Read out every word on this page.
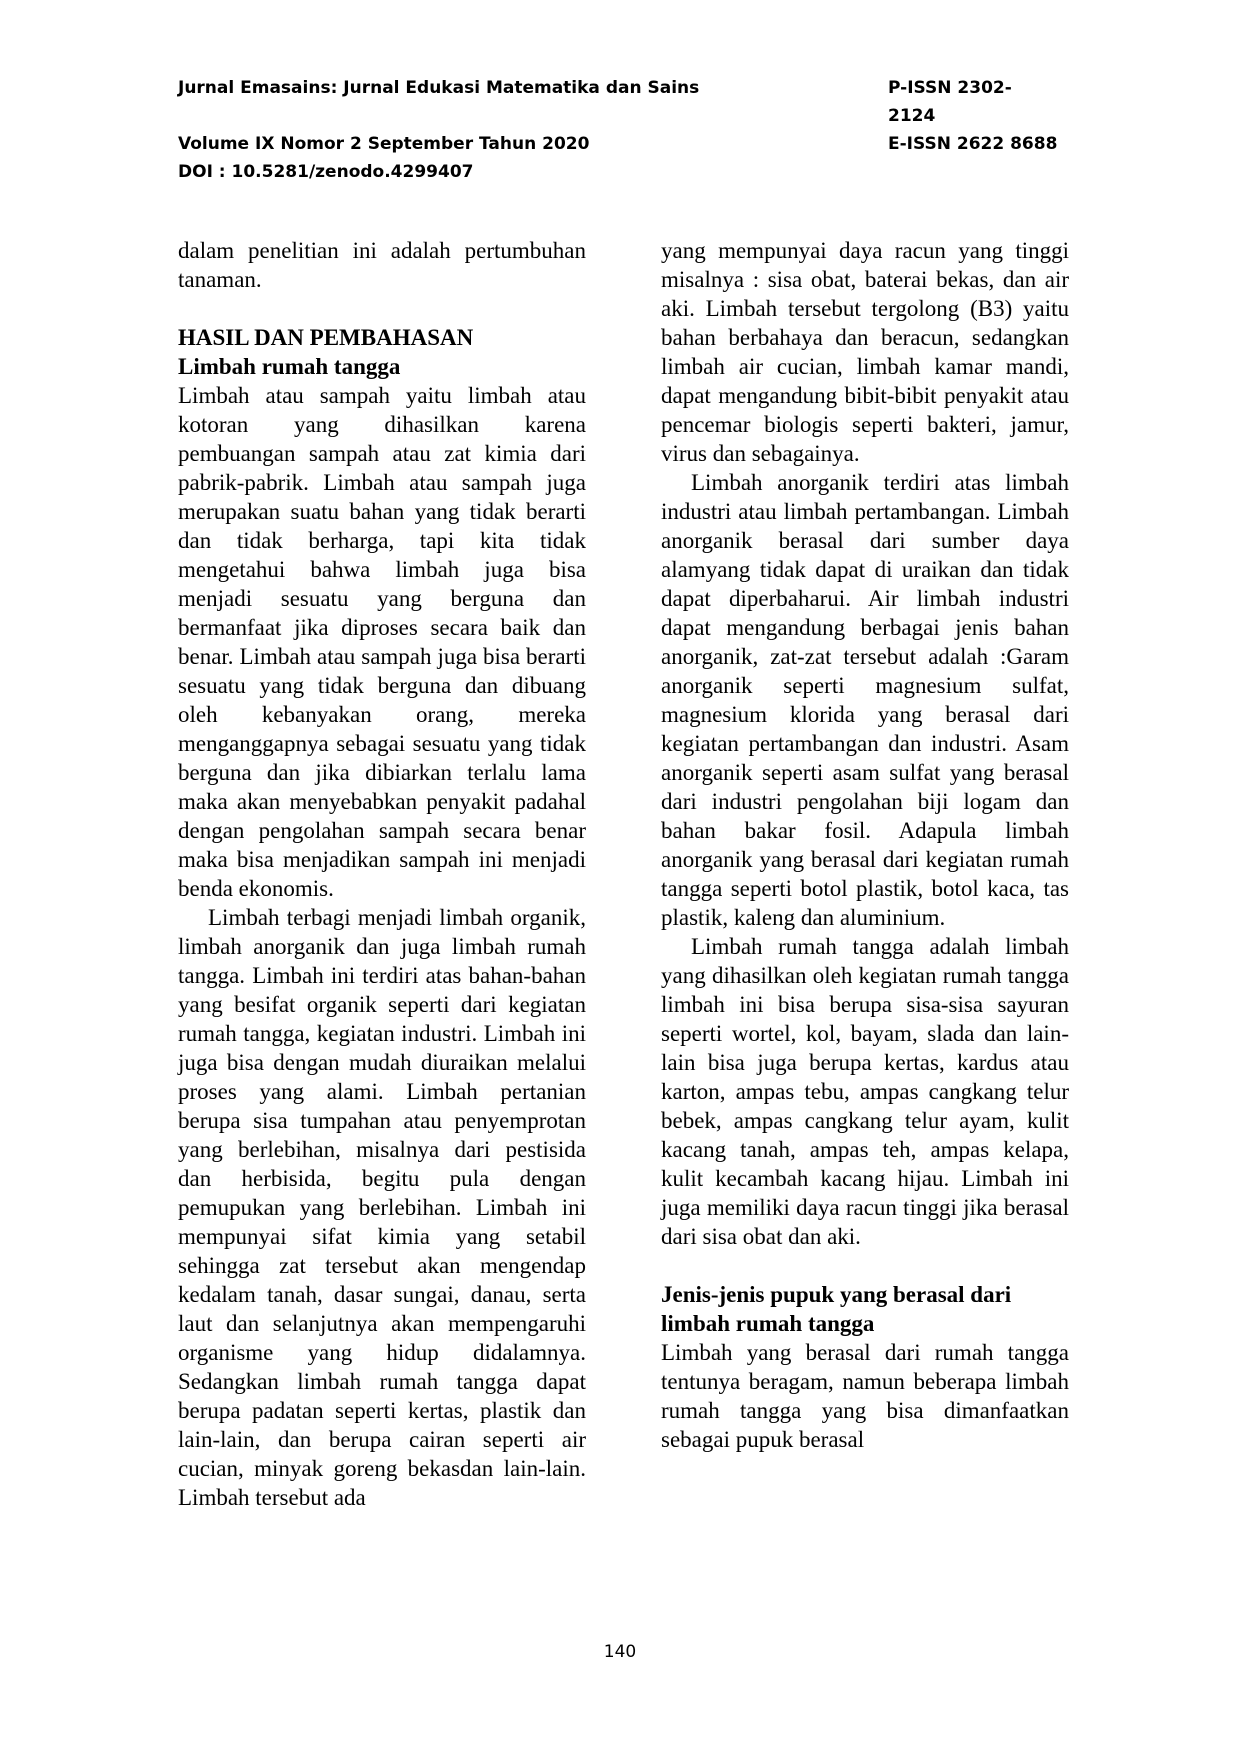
Jurnal Emasains: Jurnal Edukasi Matematika dan Sains	P-ISSN 2302-2124
Volume IX Nomor 2 September Tahun 2020	E-ISSN 2622 8688
DOI : 10.5281/zenodo.4299407

dalam penelitian ini adalah pertumbuhan tanaman.

HASIL DAN PEMBAHASAN
Limbah rumah tangga

Limbah atau sampah yaitu limbah atau kotoran yang dihasilkan karena pembuangan sampah atau zat kimia dari pabrik-pabrik. Limbah atau sampah juga merupakan suatu bahan yang tidak berarti dan tidak berharga, tapi kita tidak mengetahui bahwa limbah juga bisa menjadi sesuatu yang berguna dan bermanfaat jika diproses secara baik dan benar. Limbah atau sampah juga bisa berarti sesuatu yang tidak berguna dan dibuang oleh kebanyakan orang, mereka menganggapnya sebagai sesuatu yang tidak berguna dan jika dibiarkan terlalu lama maka akan menyebabkan penyakit padahal dengan pengolahan sampah secara benar maka bisa menjadikan sampah ini menjadi benda ekonomis.

Limbah terbagi menjadi limbah organik, limbah anorganik dan juga limbah rumah tangga. Limbah ini terdiri atas bahan-bahan yang besifat organik seperti dari kegiatan rumah tangga, kegiatan industri. Limbah ini juga bisa dengan mudah diuraikan melalui proses yang alami. Limbah pertanian berupa sisa tumpahan atau penyemprotan yang berlebihan, misalnya dari pestisida dan herbisida, begitu pula dengan pemupukan yang berlebihan. Limbah ini mempunyai sifat kimia yang setabil sehingga zat tersebut akan mengendap kedalam tanah, dasar sungai, danau, serta laut dan selanjutnya akan mempengaruhi organisme yang hidup didalamnya. Sedangkan limbah rumah tangga dapat berupa padatan seperti kertas, plastik dan lain-lain, dan berupa cairan seperti air cucian, minyak goreng bekasdan lain-lain. Limbah tersebut ada

yang mempunyai daya racun yang tinggi misalnya : sisa obat, baterai bekas, dan air aki. Limbah tersebut tergolong (B3) yaitu bahan berbahaya dan beracun, sedangkan limbah air cucian, limbah kamar mandi, dapat mengandung bibit-bibit penyakit atau pencemar biologis seperti bakteri, jamur, virus dan sebagainya.

Limbah anorganik terdiri atas limbah industri atau limbah pertambangan. Limbah anorganik berasal dari sumber daya alamyang tidak dapat di uraikan dan tidak dapat diperbaharui. Air limbah industri dapat mengandung berbagai jenis bahan anorganik, zat-zat tersebut adalah :Garam anorganik seperti magnesium sulfat, magnesium klorida yang berasal dari kegiatan pertambangan dan industri. Asam anorganik seperti asam sulfat yang berasal dari industri pengolahan biji logam dan bahan bakar fosil. Adapula limbah anorganik yang berasal dari kegiatan rumah tangga seperti botol plastik, botol kaca, tas plastik, kaleng dan aluminium.

Limbah rumah tangga adalah limbah yang dihasilkan oleh kegiatan rumah tangga limbah ini bisa berupa sisa-sisa sayuran seperti wortel, kol, bayam, slada dan lain-lain bisa juga berupa kertas, kardus atau karton, ampas tebu, ampas cangkang telur bebek, ampas cangkang telur ayam, kulit kacang tanah, ampas teh, ampas kelapa, kulit kecambah kacang hijau. Limbah ini juga memiliki daya racun tinggi jika berasal dari sisa obat dan aki.

Jenis-jenis pupuk yang berasal dari limbah rumah tangga

Limbah yang berasal dari rumah tangga tentunya beragam, namun beberapa limbah rumah tangga yang bisa dimanfaatkan sebagai pupuk berasal

140
